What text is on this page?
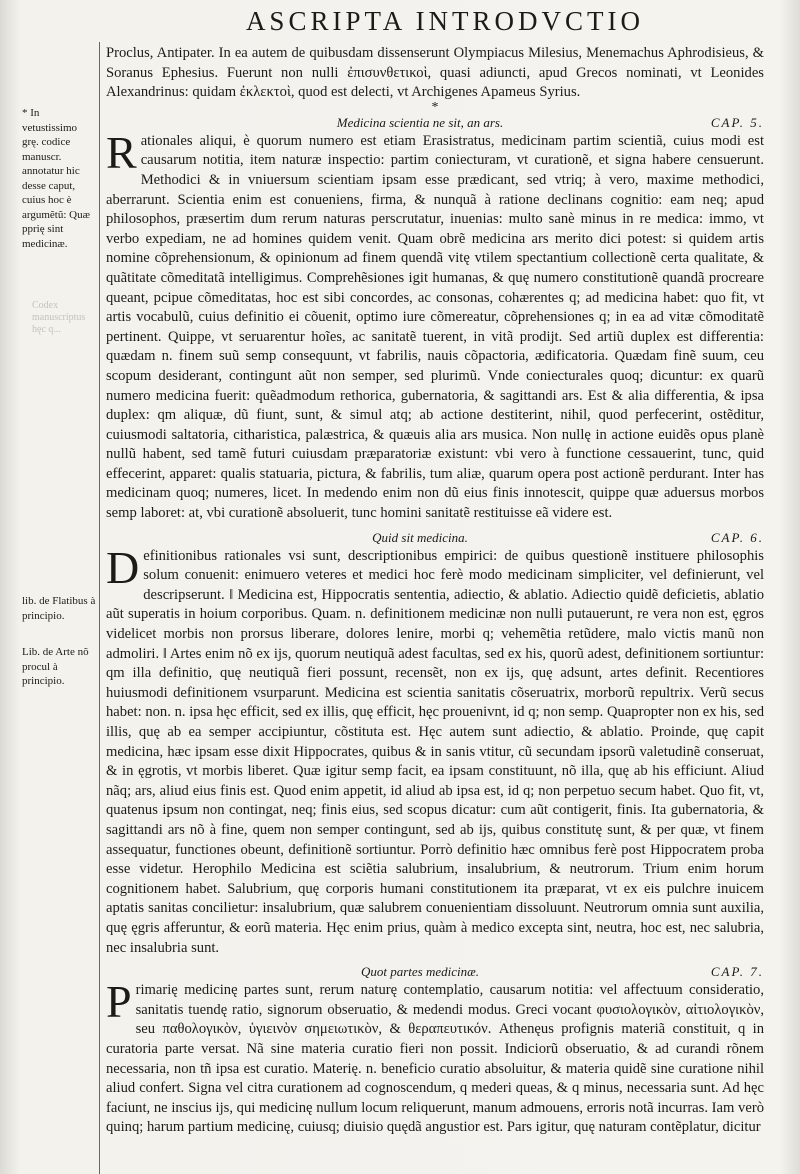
ASCRIPTA INTRODVCTIO
* In vetustissimo grę. codice manuscr. annotatur hic desse caput, cuius hoc è argumẽtũ: Quæ pprię sint medicinæ.
Codex manuscriptus hęc q...
lib. de Flatibus à principio.
Lib. de Arte nõ procul à principio.

Proclus, Antipater. In ea autem de quibusdam dissenserunt Olympiacus Milesius, Menemachus Aphrodisieus, & Soranus Ephesius. Fuerunt non nulli ἐπισυνθετικοὶ, quasi adiuncti, apud Grecos nominati, vt Leonides Alexandrinus: quidam ἐκλεκτοὶ, quod est delecti, vt Archigenes Apameus Syrius.

*
Medicina scientia ne sit, an ars.	CAP. 5.

Rationales aliqui, è quorum numero est etiam Erasistratus, medicinam partim scientiã, cuius modi est causarum notitia, item naturæ inspectio: partim coniecturam, vt curationẽ, et signa habere censuerunt. Methodici & in vniuersum scientiam ipsam esse prædicant, sed vtriq; à vero, maxime methodici, aberrarunt. Scientia enim est conueniens, firma, & nunquã à ratione declinans cognitio: eam neq; apud philosophos, præsertim dum rerum naturas perscrutatur, inuenias: multo sanè minus in re medica: immo, vt verbo expediam, ne ad homines quidem venit. Quam obrẽ medicina ars merito dici potest: si quidem artis nomine cõprehensionum, & opinionum ad finem quendã vitę vtilem spectantium collectionẽ certa qualitate, & quãtitate cõmeditatã intelligimus. Comprehẽsiones igit humanas, & quę numero constitutionẽ quandã procreare queant, pcipue cõmeditatas, hoc est sibi concordes, ac consonas, cohærentes q; ad medicina habet: quo fit, vt artis vocabulũ, cuius definitio ei cõuenit, optimo iure cõmereatur, cõprehensiones q; in ea ad vitæ cõmoditatẽ pertinent. Quippe, vt seruarentur hoĩes, ac sanitatẽ tuerent, in vitã prodijt. Sed artiũ duplex est differentia: quædam n. finem suũ semp consequunt, vt fabrilis, nauis cõpactoria, ædificatoria. Quædam finẽ suum, ceu scopum desiderant, contingunt aũt non semper, sed plurimũ. Vnde coniecturales quoq; dicuntur: ex quarũ numero medicina fuerit: quẽadmodum rethorica, gubernatoria, & sagittandi ars. Est & alia differentia, & ipsa duplex: qm aliquæ, dũ fiunt, sunt, & simul atq; ab actione destiterint, nihil, quod perfecerint, ostẽditur, cuiusmodi saltatoria, citharistica, palæstrica, & quæuis alia ars musica. Non nullę in actione euidẽs opus planè nullũ habent, sed tamẽ futuri cuiusdam præparatoriæ existunt: vbi vero à functione cessauerint, tunc, quid effecerint, apparet: qualis statuaria, pictura, & fabrilis, tum aliæ, quarum opera post actionẽ perdurant. Inter has medicinam quoq; numeres, licet. In medendo enim non dũ eius finis innotescit, quippe quæ aduersus morbos semp laboret: at, vbi curationẽ absoluerit, tunc homini sanitatẽ restituisse eã videre est.

Quid sit medicina.	CAP. 6.

Definitionibus rationales vsi sunt, descriptionibus empirici: de quibus questionẽ instituere philosophis solum conuenit: enimuero veteres et medici hoc ferè modo medicinam simpliciter, vel definierunt, vel descripserunt. ‖ Medicina est, Hippocratis sententia, adiectio, & ablatio. Adiectio quidẽ deficietis, ablatio aũt superatis in hoium corporibus. Quam. n. definitionem medicinæ non nulli putauerunt, re vera non est, ęgros videlicet morbis non prorsus liberare, dolores lenire, morbi q; vehemẽtia retũdere, malo victis manũ non admoliri. ‖ Artes enim nõ ex ijs, quorum neutiquã adest facultas, sed ex his, quorũ adest, definitionem sortiuntur: qm illa definitio, quę neutiquã fieri possunt, recensẽt, non ex ijs, quę adsunt, artes definit. Recentiores huiusmodi definitionem vsurparunt. Medicina est scientia sanitatis cõseruatrix, morborũ repultrix. Verũ secus habet: non. n. ipsa hęc efficit, sed ex illis, quę efficit, hęc prouenivnt, id q; non semp. Quapropter non ex his, sed illis, quę ab ea semper accipiuntur, cõstituta est. Hęc autem sunt adiectio, & ablatio. Proinde, quę capit medicina, hæc ipsam esse dixit Hippocrates, quibus & in sanis vtitur, cũ secundam ipsorũ valetudinẽ conseruat, & in ęgrotis, vt morbis liberet. Quæ igitur semp facit, ea ipsam constituunt, nõ illa, quę ab his efficiunt. Aliud nãq; ars, aliud eius finis est. Quod enim appetit, id aliud ab ipsa est, id q; non perpetuo secum habet. Quo fit, vt, quatenus ipsum non contingat, neq; finis eius, sed scopus dicatur: cum aũt contigerit, finis. Ita gubernatoria, & sagittandi ars nõ à fine, quem non semper contingunt, sed ab ijs, quibus constitutę sunt, & per quæ, vt finem assequatur, functiones obeunt, definitionẽ sortiuntur. Porrò definitio hæc omnibus ferè post Hippocratem proba esse videtur. Herophilo Medicina est sciẽtia salubrium, insalubrium, & neutrorum. Trium enim horum cognitionem habet. Salubrium, quę corporis humani constitutionem ita præparat, vt ex eis pulchre inuicem aptatis sanitas concilietur: insalubrium, quæ salubrem conuenientiam dissoluunt. Neutrorum omnia sunt auxilia, quę ęgris afferuntur, & eorũ materia. Hęc enim prius, quàm à medico excepta sint, neutra, hoc est, nec salubria, nec insalubria sunt.

Quot partes medicinæ.	CAP. 7.

Primarię medicinę partes sunt, rerum naturę contemplatio, causarum notitia: vel affectuum consideratio, sanitatis tuendę ratio, signorum obseruatio, & medendi modus. Greci vocant φυσιολογικὸν, αἰτιολογικὸν, seu παθολογικὸν, ὑγιεινὸν σημειωτικὸν, & θεραπευτικόν. Athenęus profignis materiã constituit, q in curatoria parte versat. Nã sine materia curatio fieri non possit. Indiciorũ obseruatio, & ad curandi rõnem necessaria, non tñ ipsa est curatio. Materię. n. beneficio curatio absoluitur, & materia quidẽ sine curatione nihil aliud confert. Signa vel citra curationem ad cognoscendum, q mederi queas, & q minus, necessaria sunt. Ad hęc faciunt, ne inscius ijs, qui medicinę nullum locum reliquerunt, manum admouens, erroris notã incurras. Iam verò quinq; harum partium medicinę, cuiusq; diuisio quędã angustior est. Pars igitur, quę naturam contẽplatur, dicitur
